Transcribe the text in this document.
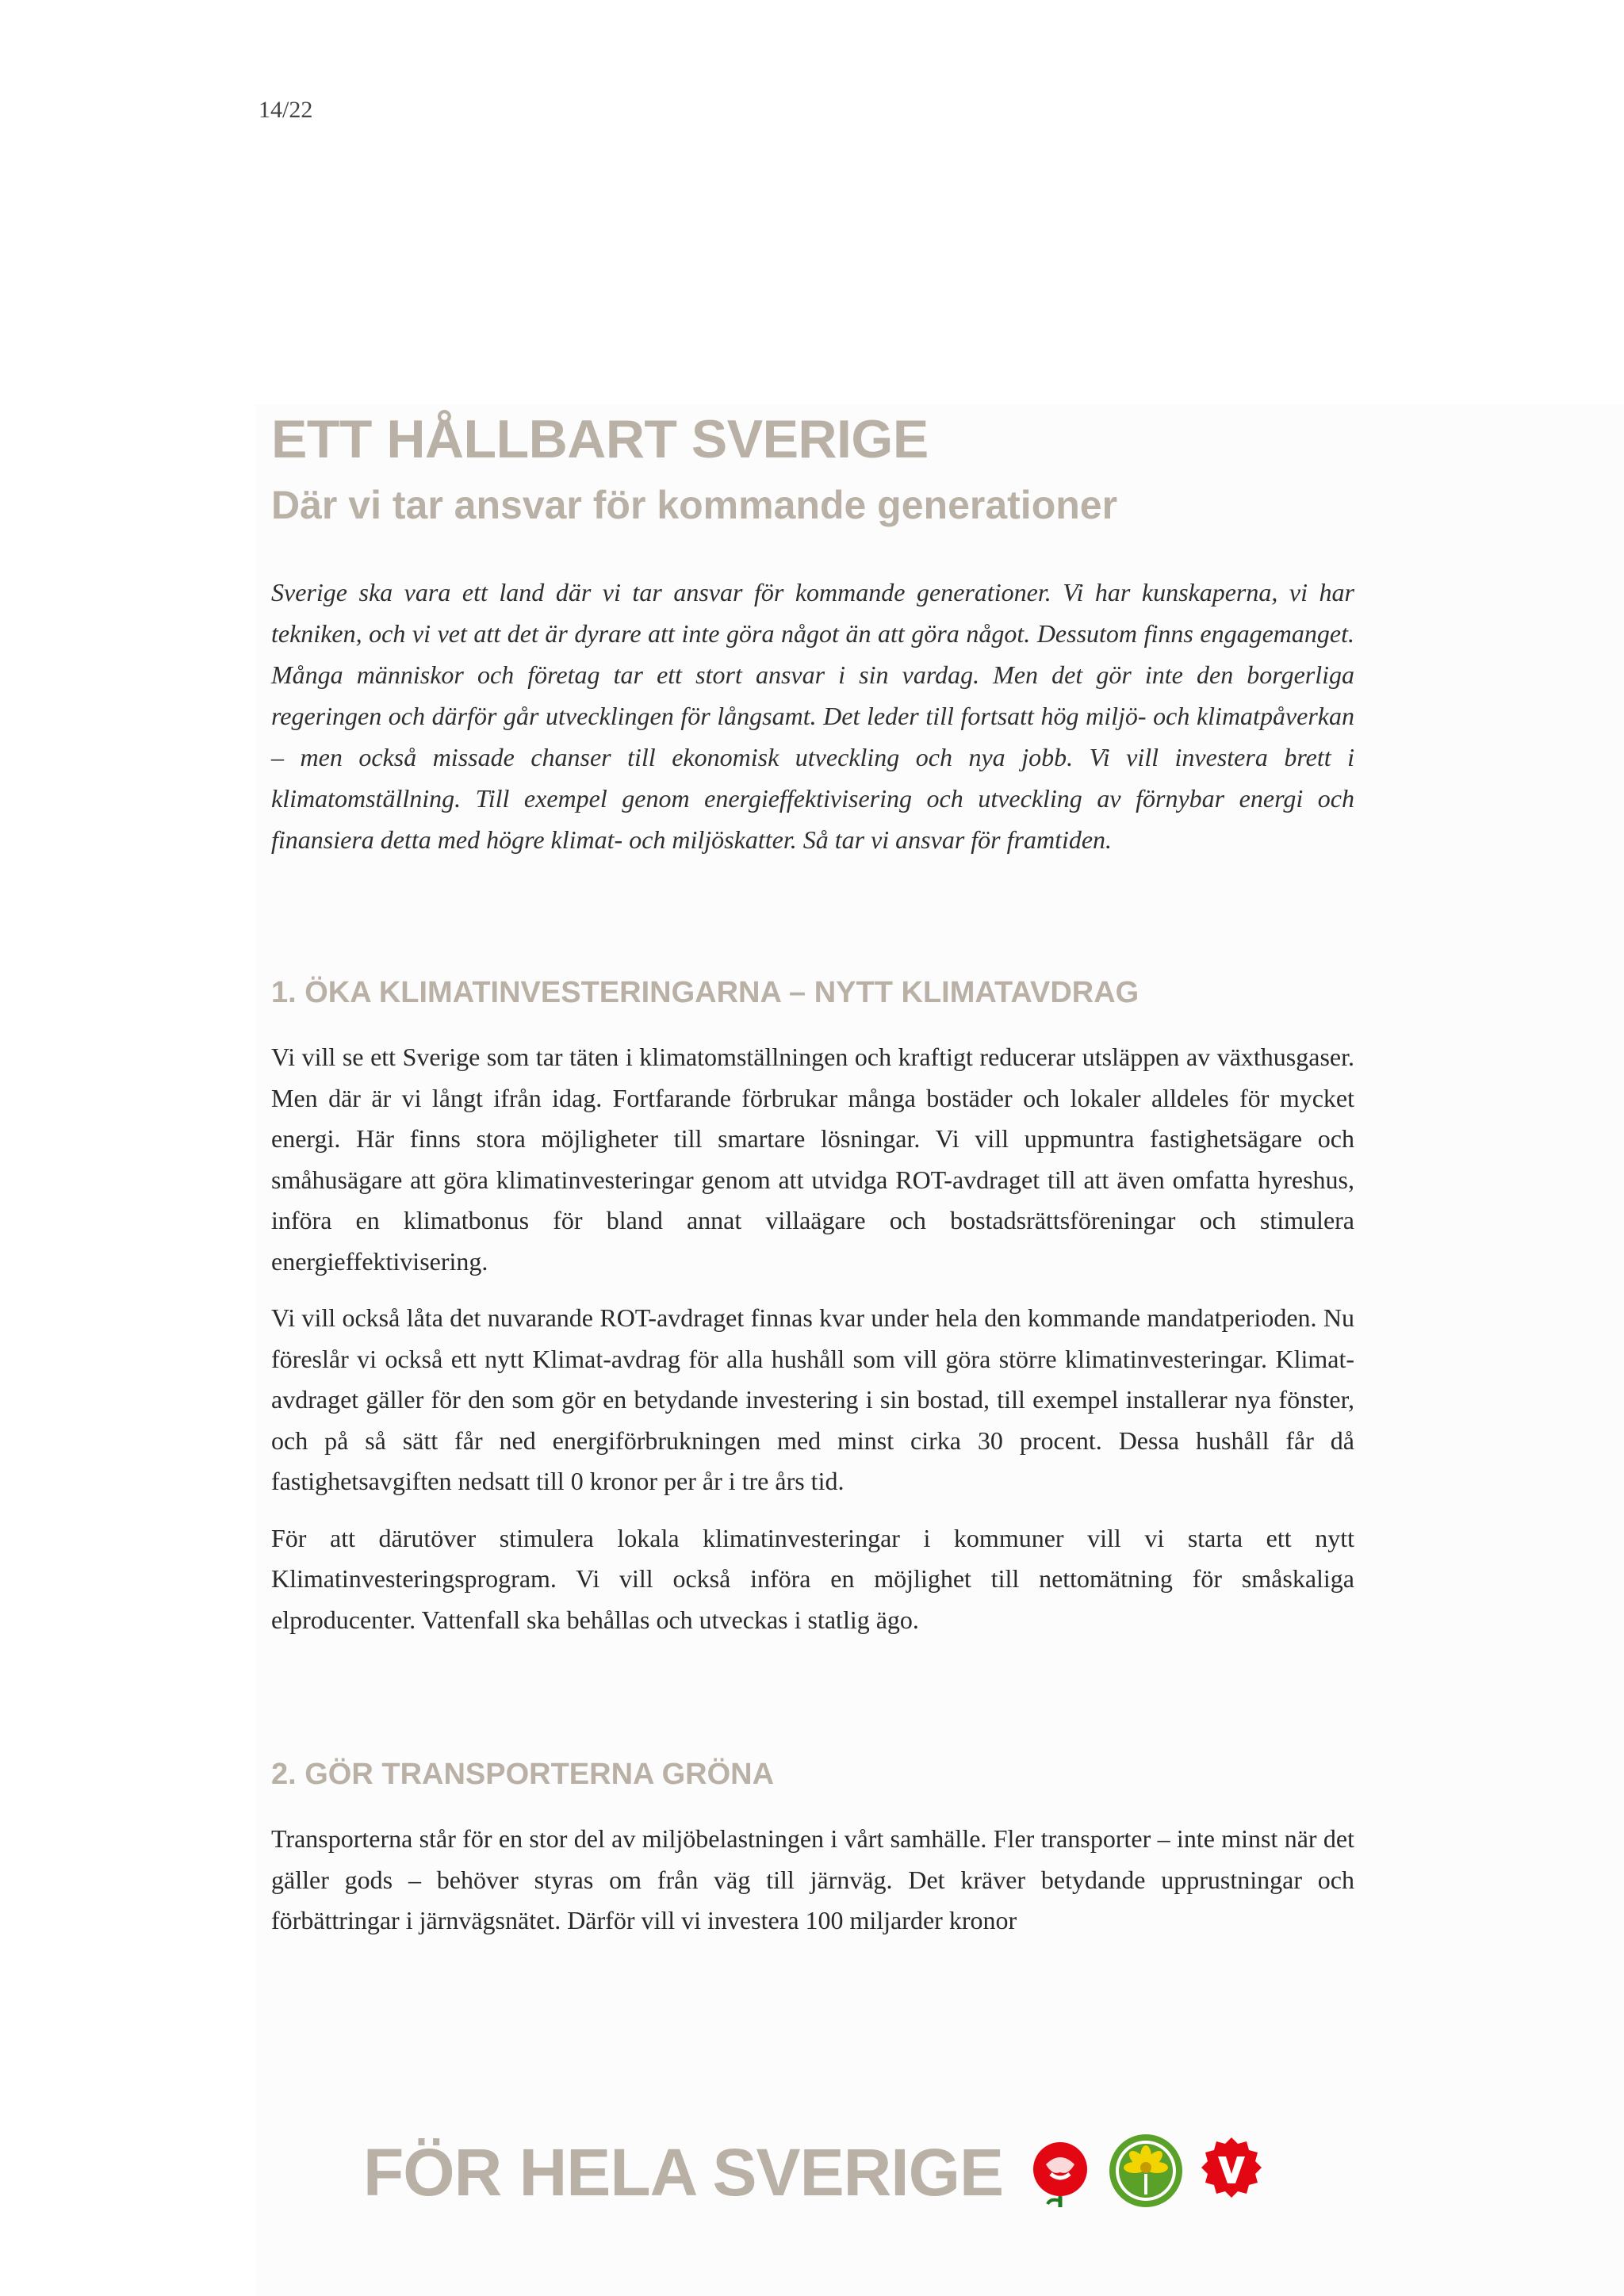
14/22
ETT HÅLLBART SVERIGE
Där vi tar ansvar för kommande generationer

Sverige ska vara ett land där vi tar ansvar för kommande generationer. Vi har kunskaperna, vi har tekniken, och vi vet att det är dyrare att inte göra något än att göra något. Dessutom finns engagemanget. Många människor och företag tar ett stort ansvar i sin vardag. Men det gör inte den borgerliga regeringen och därför går utvecklingen för långsamt. Det leder till fortsatt hög miljö- och klimatpåverkan – men också missade chanser till ekonomisk utveckling och nya jobb. Vi vill investera brett i klimatomställning. Till exempel genom energieffektivisering och utveckling av förnybar energi och finansiera detta med högre klimat- och miljöskatter. Så tar vi ansvar för framtiden.

1. ÖKA KLIMATINVESTERINGARNA – NYTT KLIMATAVDRAG

Vi vill se ett Sverige som tar täten i klimatomställningen och kraftigt reducerar utsläppen av växthusgaser. Men där är vi långt ifrån idag. Fortfarande förbrukar många bostäder och lokaler alldeles för mycket energi. Här finns stora möjligheter till smartare lösningar. Vi vill uppmuntra fastighetsägare och småhusägare att göra klimatinvesteringar genom att utvidga ROT-avdraget till att även omfatta hyreshus, införa en klimatbonus för bland annat villaägare och bostadsrättsföreningar och stimulera energieffektivisering.

Vi vill också låta det nuvarande ROT-avdraget finnas kvar under hela den kommande mandatperioden. Nu föreslår vi också ett nytt Klimat-avdrag för alla hushåll som vill göra större klimatinvesteringar. Klimat-avdraget gäller för den som gör en betydande investering i sin bostad, till exempel installerar nya fönster, och på så sätt får ned energiförbrukningen med minst cirka 30 procent. Dessa hushåll får då fastighetsavgiften nedsatt till 0 kronor per år i tre års tid.

För att därutöver stimulera lokala klimatinvesteringar i kommuner vill vi starta ett nytt Klimatinvesteringsprogram. Vi vill också införa en möjlighet till nettomätning för småskaliga elproducenter. Vattenfall ska behållas och utveckas i statlig ägo.

2. GÖR TRANSPORTERNA GRÖNA

Transporterna står för en stor del av miljöbelastningen i vårt samhälle. Fler transporter – inte minst när det gäller gods – behöver styras om från väg till järnväg. Det kräver betydande upprustningar och förbättringar i järnvägsnätet. Därför vill vi investera 100 miljarder kronor

FÖR HELA SVERIGE
